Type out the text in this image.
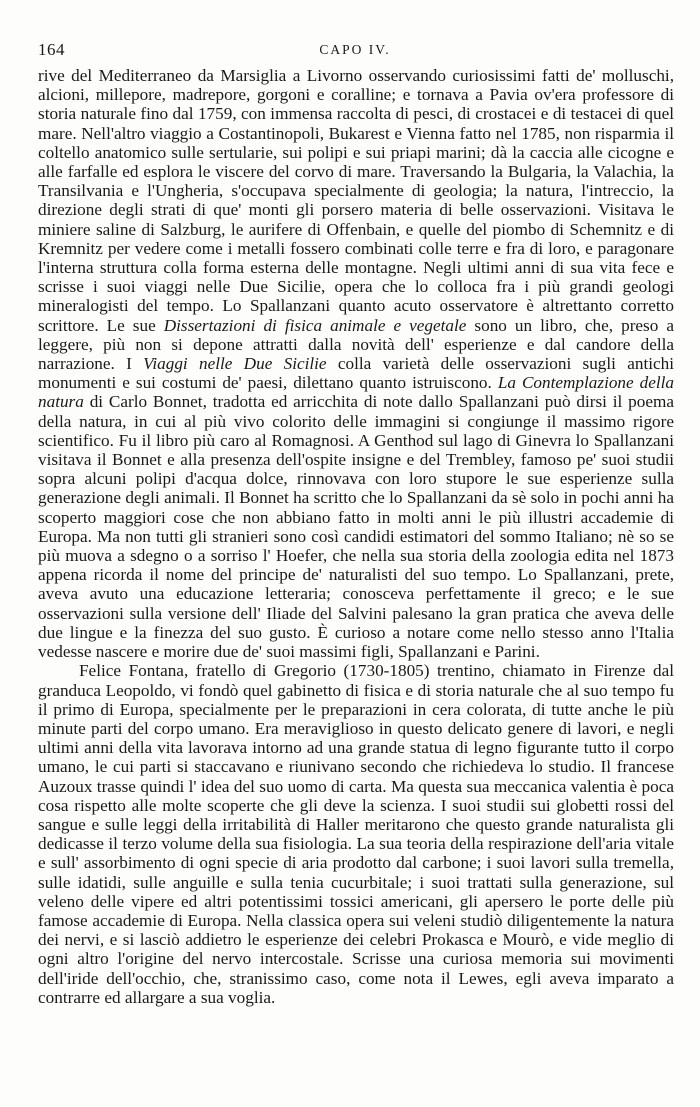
164	CAPO IV.

rive del Mediterraneo da Marsiglia a Livorno osservando curiosissimi fatti de' molluschi, alcioni, millepore, madrepore, gorgoni e coralline; e tornava a Pavia ov'era professore di storia naturale fino dal 1759, con immensa raccolta di pesci, di crostacei e di testacei di quel mare. Nell'altro viaggio a Costantinopoli, Bukarest e Vienna fatto nel 1785, non risparmia il coltello anatomico sulle sertularie, sui polipi e sui priapi marini; dà la caccia alle cicogne e alle farfalle ed esplora le viscere del corvo di mare. Traversando la Bulgaria, la Valachia, la Transilvania e l'Ungheria, s'occupava specialmente di geologia; la natura, l'intreccio, la direzione degli strati di que' monti gli porsero materia di belle osservazioni. Visitava le miniere saline di Salzburg, le aurifere di Offenbain, e quelle del piombo di Schemnitz e di Kremnitz per vedere come i metalli fossero combinati colle terre e fra di loro, e paragonare l'interna struttura colla forma esterna delle montagne. Negli ultimi anni di sua vita fece e scrisse i suoi viaggi nelle Due Sicilie, opera che lo colloca fra i più grandi geologi mineralogisti del tempo. Lo Spallanzani quanto acuto osservatore è altrettanto corretto scrittore. Le sue Dissertazioni di fisica animale e vegetale sono un libro, che, preso a leggere, più non si depone attratti dalla novità dell' esperienze e dal candore della narrazione. I Viaggi nelle Due Sicilie colla varietà delle osservazioni sugli antichi monumenti e sui costumi de' paesi, dilettano quanto istruiscono. La Contemplazione della natura di Carlo Bonnet, tradotta ed arricchita di note dallo Spallanzani può dirsi il poema della natura, in cui al più vivo colorito delle immagini si congiunge il massimo rigore scientifico. Fu il libro più caro al Romagnosi. A Genthod sul lago di Ginevra lo Spallanzani visitava il Bonnet e alla presenza dell'ospite insigne e del Trembley, famoso pe' suoi studii sopra alcuni polipi d'acqua dolce, rinnovava con loro stupore le sue esperienze sulla generazione degli animali. Il Bonnet ha scritto che lo Spallanzani da sè solo in pochi anni ha scoperto maggiori cose che non abbiano fatto in molti anni le più illustri accademie di Europa. Ma non tutti gli stranieri sono così candidi estimatori del sommo Italiano; nè so se più muova a sdegno o a sorriso l' Hoefer, che nella sua storia della zoologia edita nel 1873 appena ricorda il nome del principe de' naturalisti del suo tempo. Lo Spallanzani, prete, aveva avuto una educazione letteraria; conosceva perfettamente il greco; e le sue osservazioni sulla versione dell' Iliade del Salvini palesano la gran pratica che aveva delle due lingue e la finezza del suo gusto. È curioso a notare come nello stesso anno l'Italia vedesse nascere e morire due de' suoi massimi figli, Spallanzani e Parini.

Felice Fontana, fratello di Gregorio (1730-1805) trentino, chiamato in Firenze dal granduca Leopoldo, vi fondò quel gabinetto di fisica e di storia naturale che al suo tempo fu il primo di Europa, specialmente per le preparazioni in cera colorata, di tutte anche le più minute parti del corpo umano. Era meraviglioso in questo delicato genere di lavori, e negli ultimi anni della vita lavorava intorno ad una grande statua di legno figurante tutto il corpo umano, le cui parti si staccavano e riunivano secondo che richiedeva lo studio. Il francese Auzoux trasse quindi l' idea del suo uomo di carta. Ma questa sua meccanica valentia è poca cosa rispetto alle molte scoperte che gli deve la scienza. I suoi studii sui globetti rossi del sangue e sulle leggi della irritabilità di Haller meritarono che questo grande naturalista gli dedicasse il terzo volume della sua fisiologia. La sua teoria della respirazione dell'aria vitale e sull' assorbimento di ogni specie di aria prodotto dal carbone; i suoi lavori sulla tremella, sulle idatidi, sulle anguille e sulla tenia cucurbitale; i suoi trattati sulla generazione, sul veleno delle vipere ed altri potentissimi tossici americani, gli apersero le porte delle più famose accademie di Europa. Nella classica opera sui veleni studiò diligentemente la natura dei nervi, e si lasciò addietro le esperienze dei celebri Prokasca e Mourò, e vide meglio di ogni altro l'origine del nervo intercostale. Scrisse una curiosa memoria sui movimenti dell'iride dell'occhio, che, stranissimo caso, come nota il Lewes, egli aveva imparato a contrarre ed allargare a sua voglia.
